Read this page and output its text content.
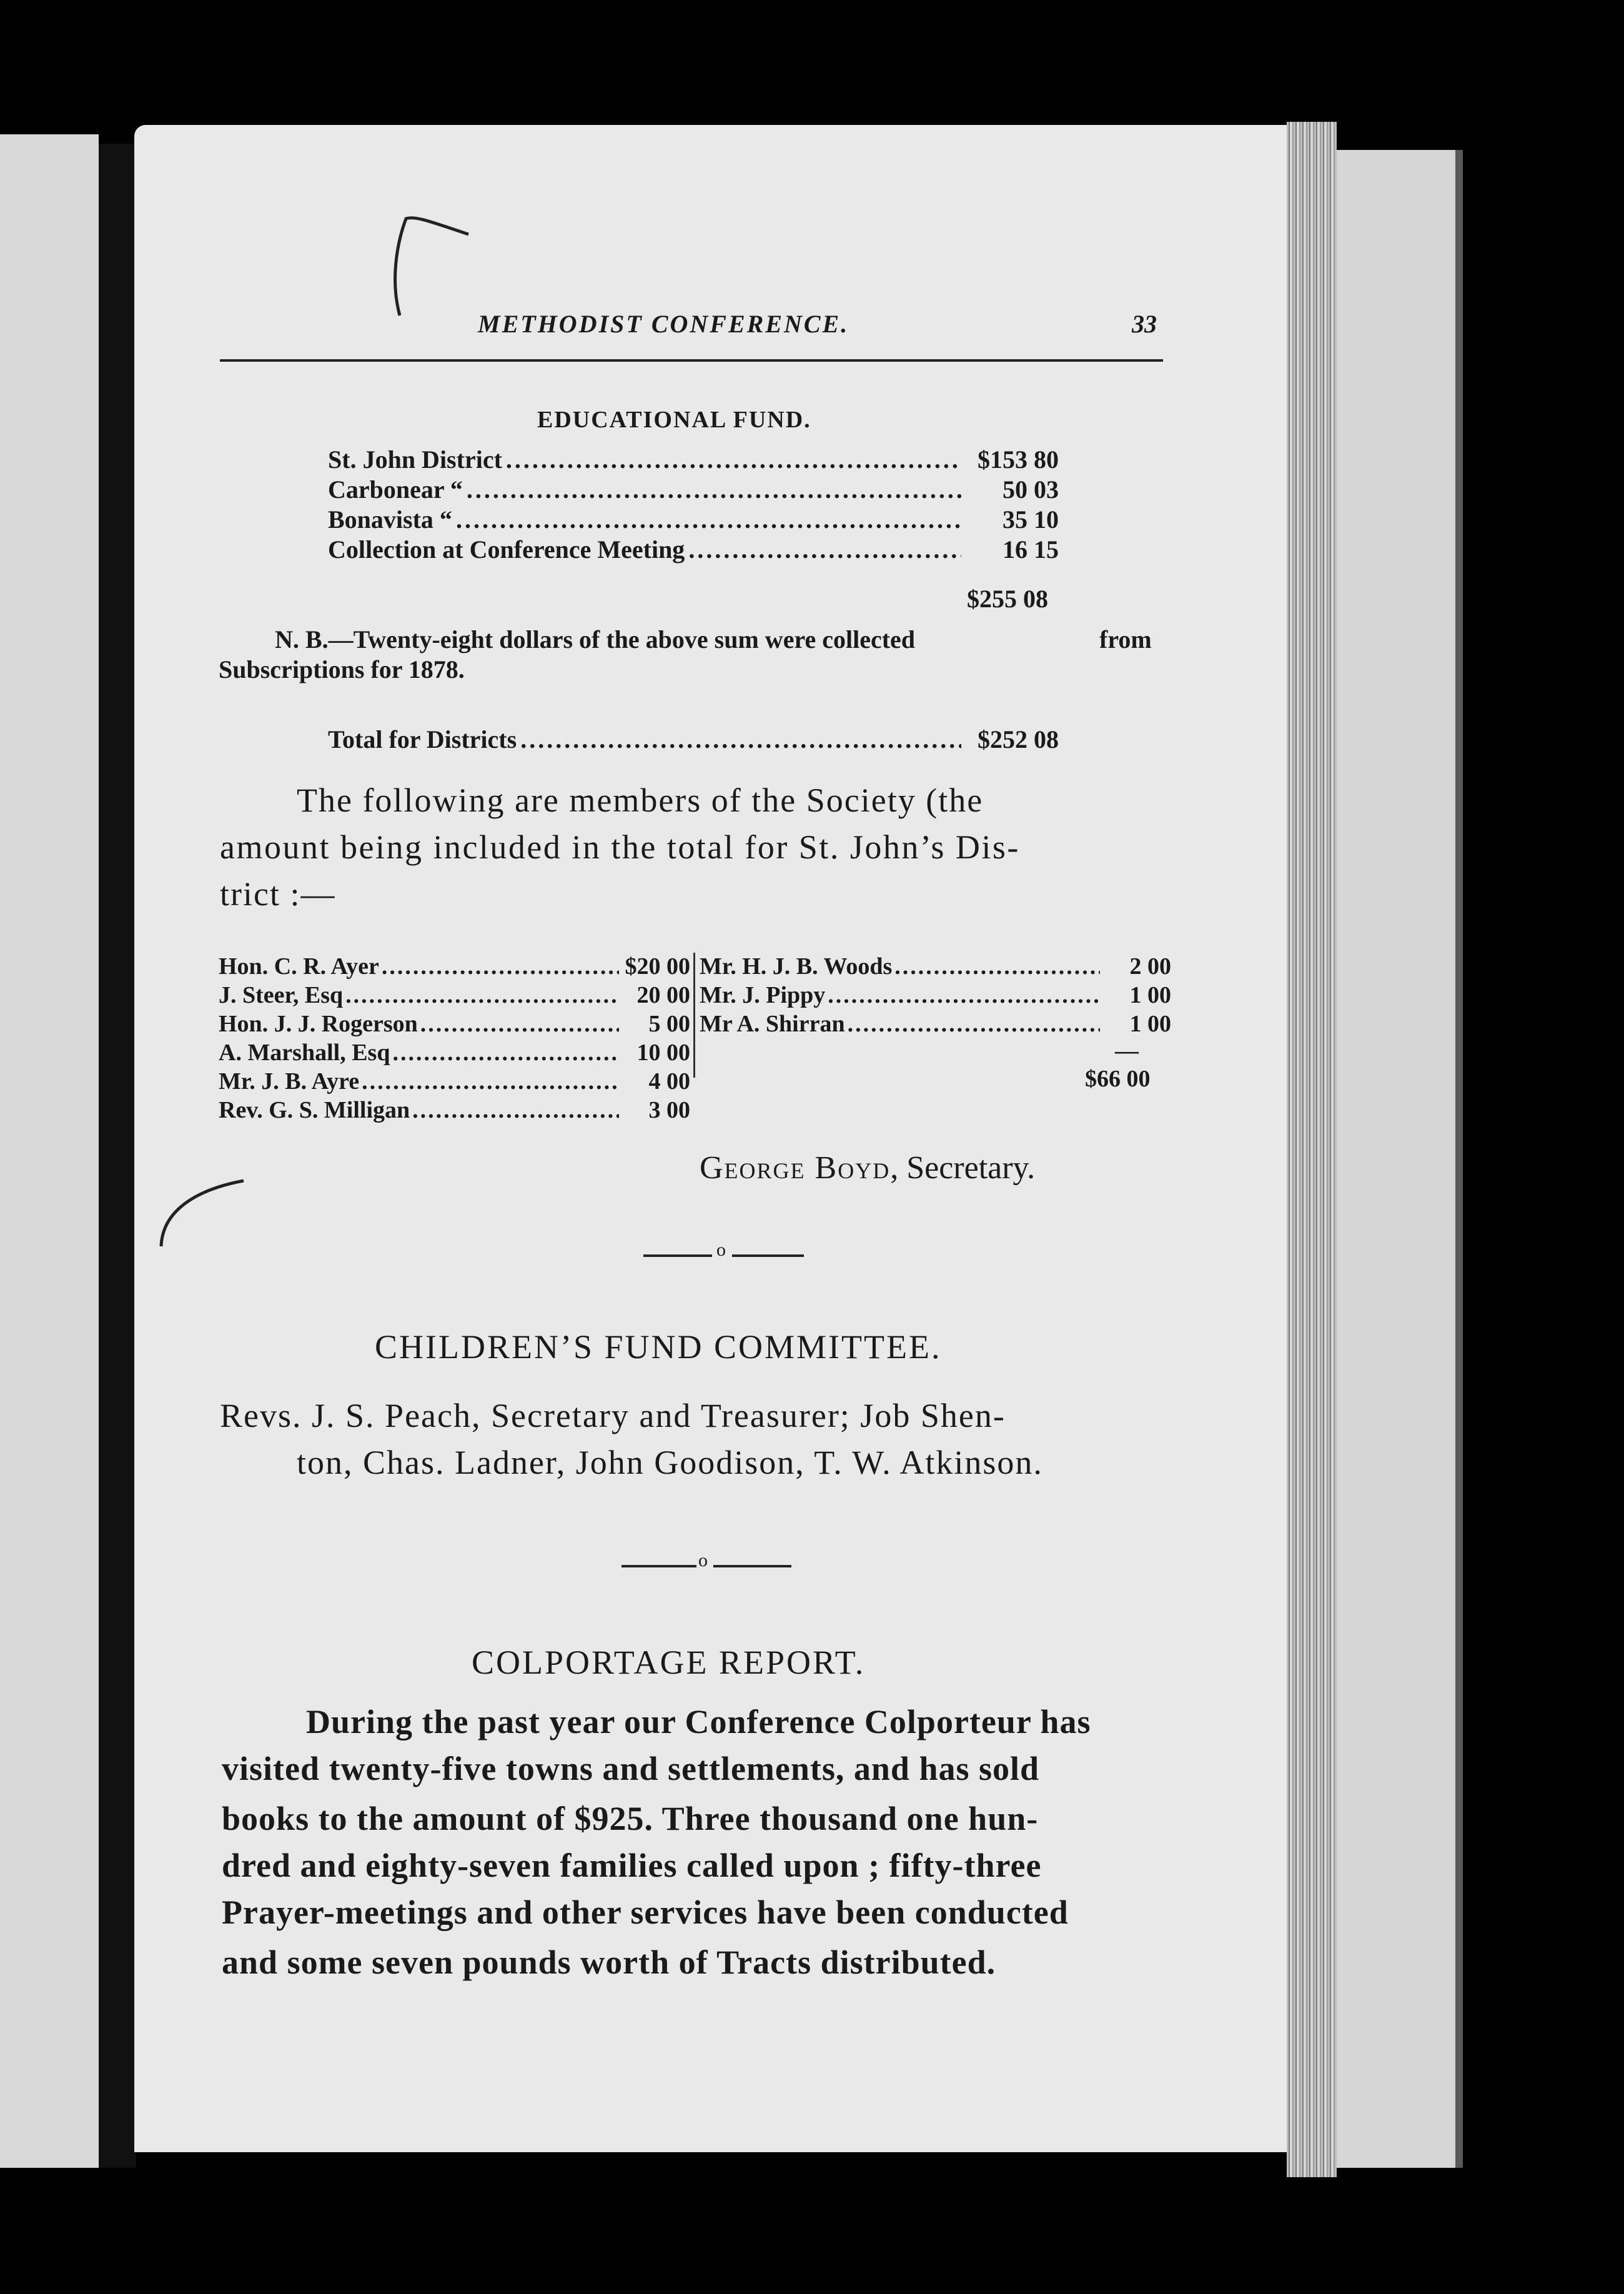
METHODIST CONFERENCE.	33
EDUCATIONAL FUND.
St. John District .....	$153 80
Carbonear “ .....	50 03
Bonavista “ .....	35 10
Collection at Conference Meeting .....	16 15
$255 08
N. B.—Twenty-eight dollars of the above sum were collected	from
Subscriptions for 1878.
Total for Districts .....	$252 08
The following are members of the Society (the
amount being included in the total for St. John’s Dis-
trict :—
Hon. C. R. Ayer .....	$20 00
J. Steer, Esq .....	20 00
Hon. J. J. Rogerson .....	5 00
A. Marshall, Esq .....	10 00
Mr. J. B. Ayre .....	4 00
Rev. G. S. Milligan .....	3 00
Mr. H. J. B. Woods .....	2 00
Mr. J. Pippy .....	1 00
Mr A. Shirran .....	1 00
—
$66 00
George Boyd, Secretary.
o
CHILDREN’S FUND COMMITTEE.
Revs. J. S. Peach, Secretary and Treasurer; Job Shen-
ton, Chas. Ladner, John Goodison, T. W. Atkinson.
o
COLPORTAGE REPORT.
During the past year our Conference Colporteur has
visited twenty-five towns and settlements, and has sold
books to the amount of $925. Three thousand one hun-
dred and eighty-seven families called upon ; fifty-three
Prayer-meetings and other services have been conducted
and some seven pounds worth of Tracts distributed.
